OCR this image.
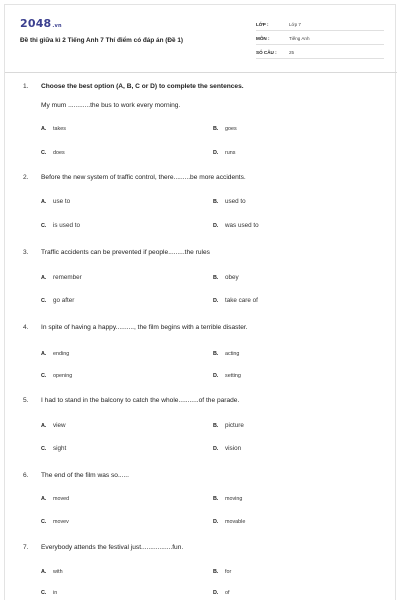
2048.vn
Đề thi giữa kì 2 Tiếng Anh 7 Thí điểm có đáp án (Đề 1)
LỚP :	Lớp 7
MÔN :	Tiếng Anh
SỐ CÂU :	25
1. Choose the best option (A, B, C or D) to complete the sentences.
My mum ............the bus to work every morning.
A. takes	B. goes
C. does	D. runs
2. Before the new system of traffic control, there.........be more accidents.
A. use to	B. used to
C. is used to	D. was used to
3. Traffic accidents can be prevented if people.........the rules
A. remember	B. obey
C. go after	D. take care of
4. In spite of having a happy.........., the film begins with a terrible disaster.
A. ending	B. acting
C. opening	D. setting
5. I had to stand in the balcony to catch the whole...........of the parade.
A. view	B. picture
C. sight	D. vision
6. The end of the film was so......
A. moved	B. moving
C. movev	D. movable
7. Everybody attends the festival just.................fun.
A. with	B. for
C. in	D. of
